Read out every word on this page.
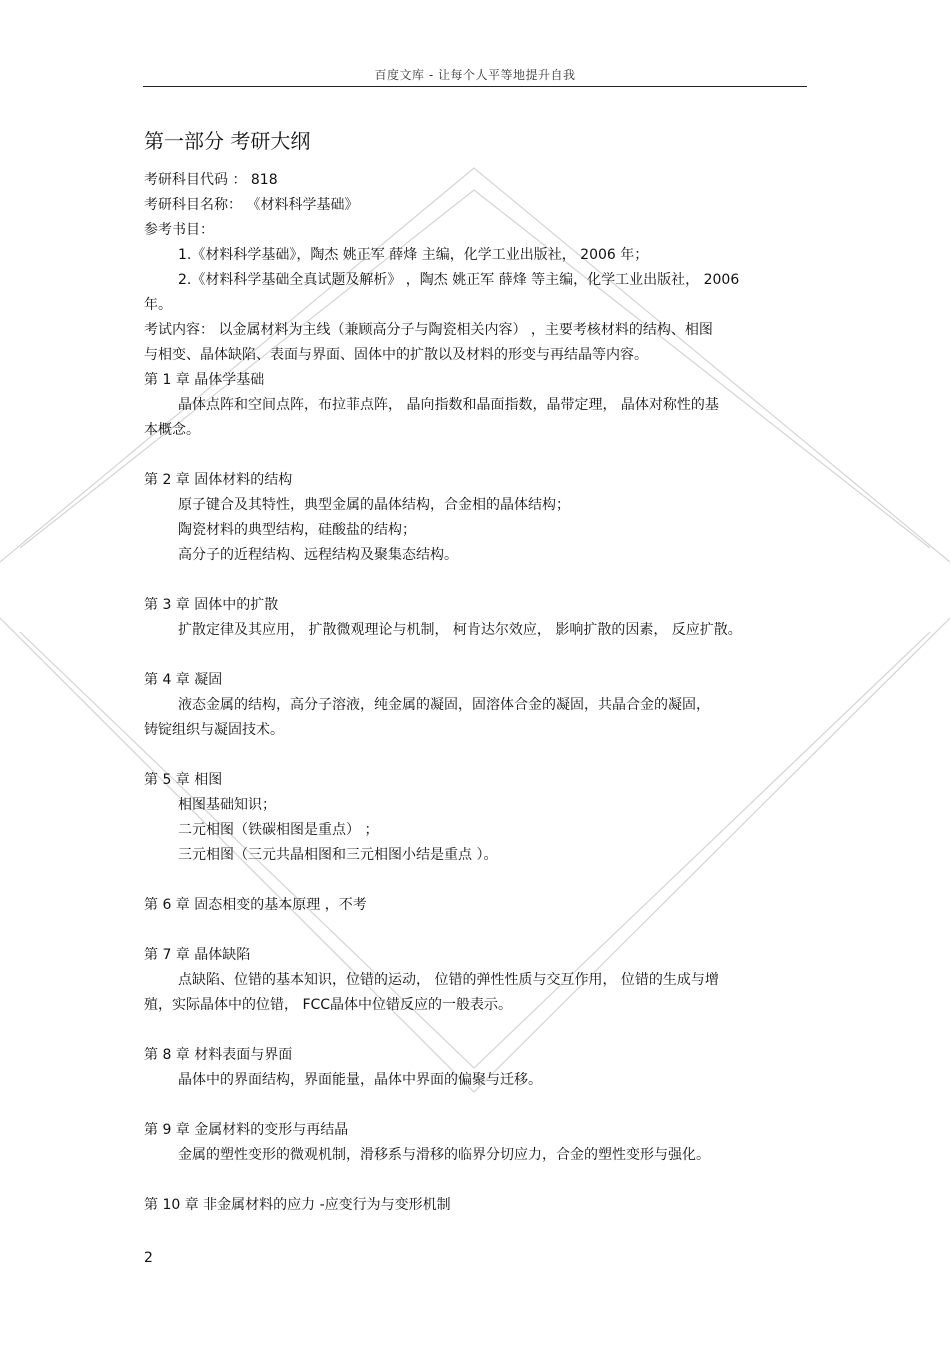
百度文库 - 让每个人平等地提升自我
第一部分 考研大纲
考研科目代码 ： 818
考研科目名称： 《材料科学基础》
参考书目：
1.《材料科学基础》，陶杰 姚正军 薛烽 主编，化学工业出版社， 2006 年；
2.《材料科学基础全真试题及解析》 ，陶杰 姚正军 薛烽 等主编，化学工业出版社， 2006
年。
考试内容： 以金属材料为主线（兼顾高分子与陶瓷相关内容） ，主要考核材料的结构、相图
与相变、晶体缺陷、表面与界面、固体中的扩散以及材料的形变与再结晶等内容。
第 1 章 晶体学基础
晶体点阵和空间点阵，布拉菲点阵， 晶向指数和晶面指数，晶带定理， 晶体对称性的基
本概念。
第 2 章 固体材料的结构
原子键合及其特性，典型金属的晶体结构，合金相的晶体结构；
陶瓷材料的典型结构，硅酸盐的结构；
高分子的近程结构、远程结构及聚集态结构。
第 3 章 固体中的扩散
扩散定律及其应用， 扩散微观理论与机制， 柯肯达尔效应， 影响扩散的因素， 反应扩散。
第 4 章 凝固
液态金属的结构，高分子溶液，纯金属的凝固，固溶体合金的凝固，共晶合金的凝固，
铸锭组织与凝固技术。
第 5 章 相图
相图基础知识；
二元相图（铁碳相图是重点） ；
三元相图（三元共晶相图和三元相图小结是重点 ）。
第 6 章 固态相变的基本原理 ，不考
第 7 章 晶体缺陷
点缺陷、位错的基本知识，位错的运动， 位错的弹性性质与交互作用， 位错的生成与增
殖，实际晶体中的位错， FCC晶体中位错反应的一般表示。
第 8 章 材料表面与界面
晶体中的界面结构，界面能量，晶体中界面的偏聚与迁移。
第 9 章 金属材料的变形与再结晶
金属的塑性变形的微观机制，滑移系与滑移的临界分切应力，合金的塑性变形与强化。
第 10 章 非金属材料的应力 -应变行为与变形机制
2
